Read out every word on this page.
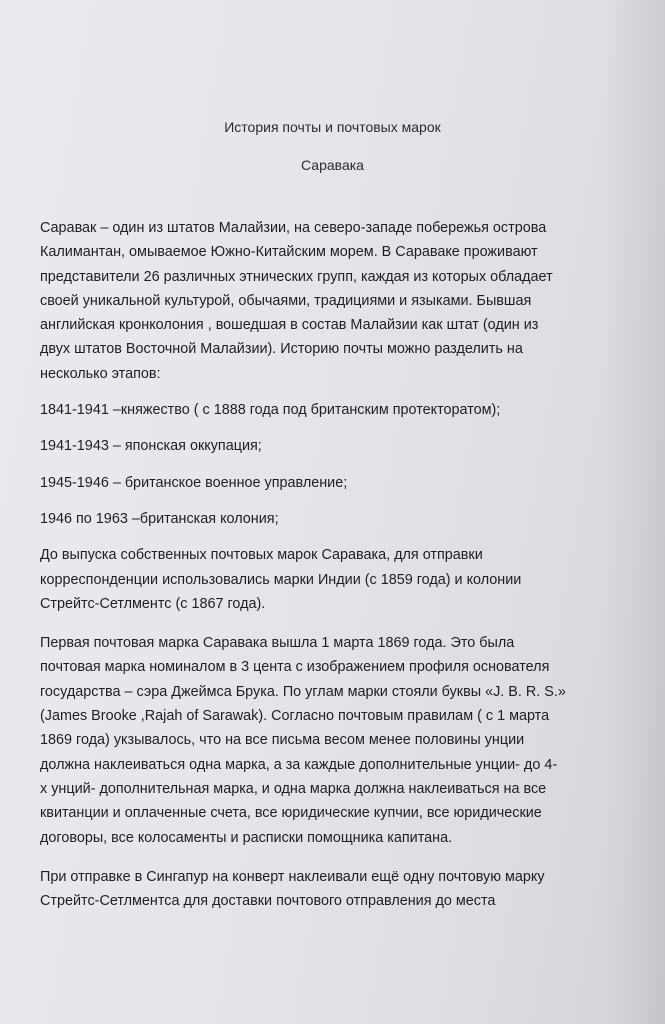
История почты и почтовых марок

Саравака

Саравак – один из штатов Малайзии, на северо-западе побережья острова
Калимантан, омываемое Южно-Китайским морем. В Сараваке проживают
представители 26 различных этнических групп, каждая из которых обладает
своей уникальной культурой, обычаями, традициями и языками. Бывшая
английская кронколония , вошедшая в состав Малайзии как штат (один из
двух штатов Восточной Малайзии). Историю почты можно разделить на
несколько этапов:

1841-1941 –княжество ( с 1888 года под британским протекторатом);

1941-1943 – японская оккупация;

1945-1946 – британское военное управление;

1946 по 1963 –британская колония;

До выпуска собственных почтовых марок Саравака, для отправки
корреспонденции использовались марки Индии (с 1859 года) и колонии
Стрейтс-Сетлментс (с 1867 года).

Первая почтовая марка Саравака вышла 1 марта 1869 года. Это была
почтовая марка номиналом в 3 цента с изображением профиля основателя
государства – сэра Джеймса Брука. По углам марки стояли буквы «J. B. R. S.»
(James Brooke ,Rajah of Sarawak). Согласно почтовым правилам ( с 1 марта
1869 года) укзывалось, что на все письма весом менее половины унции
должна наклеиваться одна марка, а за каждые дополнительные унции- до 4-
х унций- дополнительная марка, и одна марка должна наклеиваться на все
квитанции и оплаченные счета, все юридические купчии, все юридические
договоры, все колосаменты и расписки помощника капитана.

При отправке в Сингапур на конверт наклеивали ещё одну почтовую марку
Стрейтс-Сетлментса для доставки почтового отправления до места
